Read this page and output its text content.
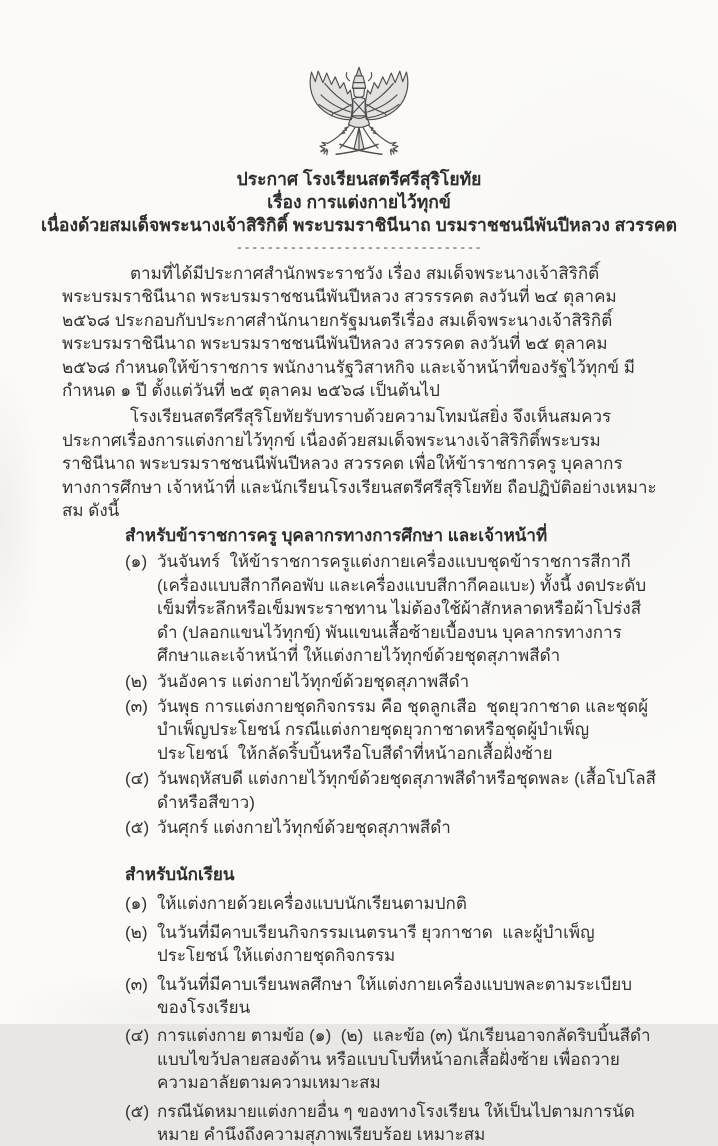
ประกาศ โรงเรียนสตรีศรีสุริโยทัย
เรื่อง การแต่งกายไว้ทุกข์
เนื่องด้วยสมเด็จพระนางเจ้าสิริกิติ์ พระบรมราชินีนาถ บรมราชชนนีพันปีหลวง สวรรคต
--------------------------------

ตามที่ได้มีประกาศสำนักพระราชวัง เรื่อง สมเด็จพระนางเจ้าสิริกิติ์พระบรมราชินีนาถ พระบรมราชชนนีพันปีหลวง สวรรรคต ลงวันที่ ๒๔ ตุลาคม ๒๕๖๘ ประกอบกับประกาศสำนักนายกรัฐมนตรีเรื่อง สมเด็จพระนางเจ้าสิริกิติ์ พระบรมราชินีนาถ พระบรมราชชนนีพันปีหลวง สวรรคต ลงวันที่ ๒๕ ตุลาคม ๒๕๖๘ กำหนดให้ข้าราชการ พนักงานรัฐวิสาหกิจ และเจ้าหน้าที่ของรัฐไว้ทุกข์ มีกำหนด ๑ ปี ตั้งแต่วันที่ ๒๕ ตุลาคม ๒๕๖๘ เป็นต้นไป

โรงเรียนสตรีศรีสุริโยทัยรับทราบด้วยความโทมนัสยิ่ง จึงเห็นสมควรประกาศเรื่องการแต่งกายไว้ทุกข์ เนื่องด้วยสมเด็จพระนางเจ้าสิริกิติ์พระบรมราชินีนาถ พระบรมราชชนนีพันปีหลวง สวรรคต เพื่อให้ข้าราชการครู บุคลากรทางการศึกษา เจ้าหน้าที่ และนักเรียนโรงเรียนสตรีศรีสุริโยทัย ถือปฏิบัติอย่างเหมาะสม ดังนี้

สำหรับข้าราชการครู บุคลากรทางการศึกษา และเจ้าหน้าที่
(๑) วันจันทร์  ให้ข้าราชการครูแต่งกายเครื่องแบบชุดข้าราชการสีกากี (เครื่องแบบสีกากีคอพับ และเครื่องแบบสีกากีคอแบะ) ทั้งนี้ งดประดับเข็มที่ระลึกหรือเข็มพระราชทาน ไม่ต้องใช้ผ้าสักหลาดหรือผ้าโปร่งสีดำ (ปลอกแขนไว้ทุกข์) พันแขนเสื้อซ้ายเบื้องบน บุคลากรทางการศึกษาและเจ้าหน้าที่ ให้แต่งกายไว้ทุกข์ด้วยชุดสุภาพสีดำ
(๒) วันอังคาร แต่งกายไว้ทุกข์ด้วยชุดสุภาพสีดำ
(๓) วันพุธ การแต่งกายชุดกิจกรรม คือ ชุดลูกเสือ  ชุดยุวกาชาด และชุดผู้บำเพ็ญประโยชน์ กรณีแต่งกายชุดยุวกาชาดหรือชุดผู้บำเพ็ญประโยชน์  ให้กลัดริ้บบิ้นหรือโบสีดำที่หน้าอกเสื้อฝั่งซ้าย
(๔) วันพฤหัสบดี แต่งกายไว้ทุกข์ด้วยชุดสุภาพสีดำหรือชุดพละ (เสื้อโปโลสีดำหรือสีขาว)
(๕) วันศุกร์ แต่งกายไว้ทุกข์ด้วยชุดสุภาพสีดำ
สำหรับนักเรียน
(๑) ให้แต่งกายด้วยเครื่องแบบนักเรียนตามปกติ
(๒) ในวันที่มีคาบเรียนกิจกรรมเนตรนารี ยุวกาชาด  และผู้บำเพ็ญประโยชน์ ให้แต่งกายชุดกิจกรรม
(๓) ในวันที่มีคาบเรียนพลศึกษา ให้แต่งกายเครื่องแบบพละตามระเบียบของโรงเรียน
(๔) การแต่งกาย ตามข้อ (๑)  (๒)  และข้อ (๓) นักเรียนอาจกลัดริบบิ้นสีดำแบบไขว้ปลายสองด้าน หรือแบบโบที่หน้าอกเสื้อฝั่งซ้าย เพื่อถวายความอาลัยตามความเหมาะสม
(๕) กรณีนัดหมายแต่งกายอื่น ๆ ของทางโรงเรียน ให้เป็นไปตามการนัดหมาย คำนึงถึงความสุภาพเรียบร้อย เหมาะสม
